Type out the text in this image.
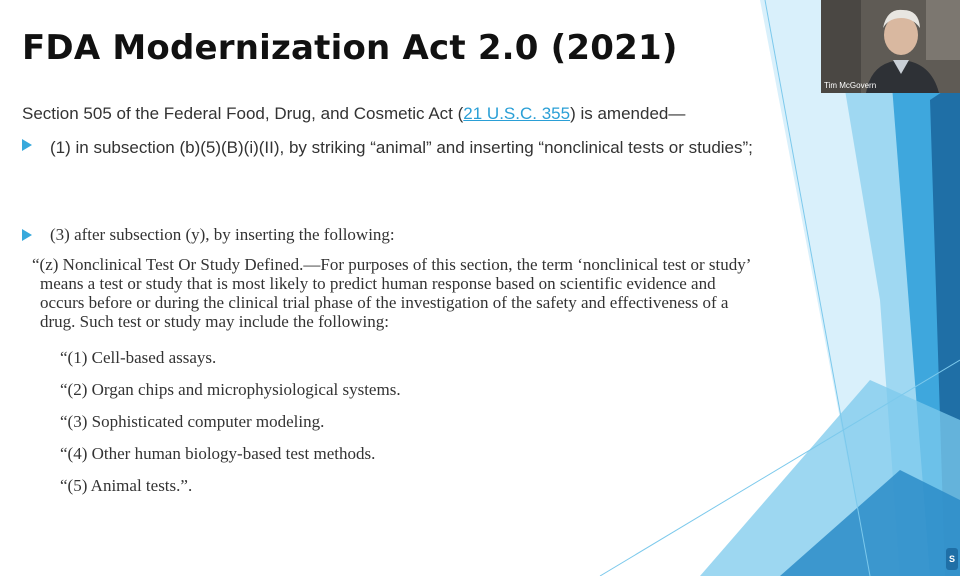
FDA Modernization Act 2.0 (2021)
Section 505 of the Federal Food, Drug, and Cosmetic Act (21 U.S.C. 355) is amended—
(1) in subsection (b)(5)(B)(i)(II), by striking “animal” and inserting “nonclinical tests or studies”;
(3) after subsection (y), by inserting the following:
“(z) Nonclinical Test Or Study Defined.—For purposes of this section, the term ‘nonclinical test or study’ means a test or study that is most likely to predict human response based on scientific evidence and occurs before or during the clinical trial phase of the investigation of the safety and effectiveness of a drug. Such test or study may include the following:
“(1) Cell-based assays.
“(2) Organ chips and microphysiological systems.
“(3) Sophisticated computer modeling.
“(4) Other human biology-based test methods.
“(5) Animal tests.”.
Tim McGovern
S
